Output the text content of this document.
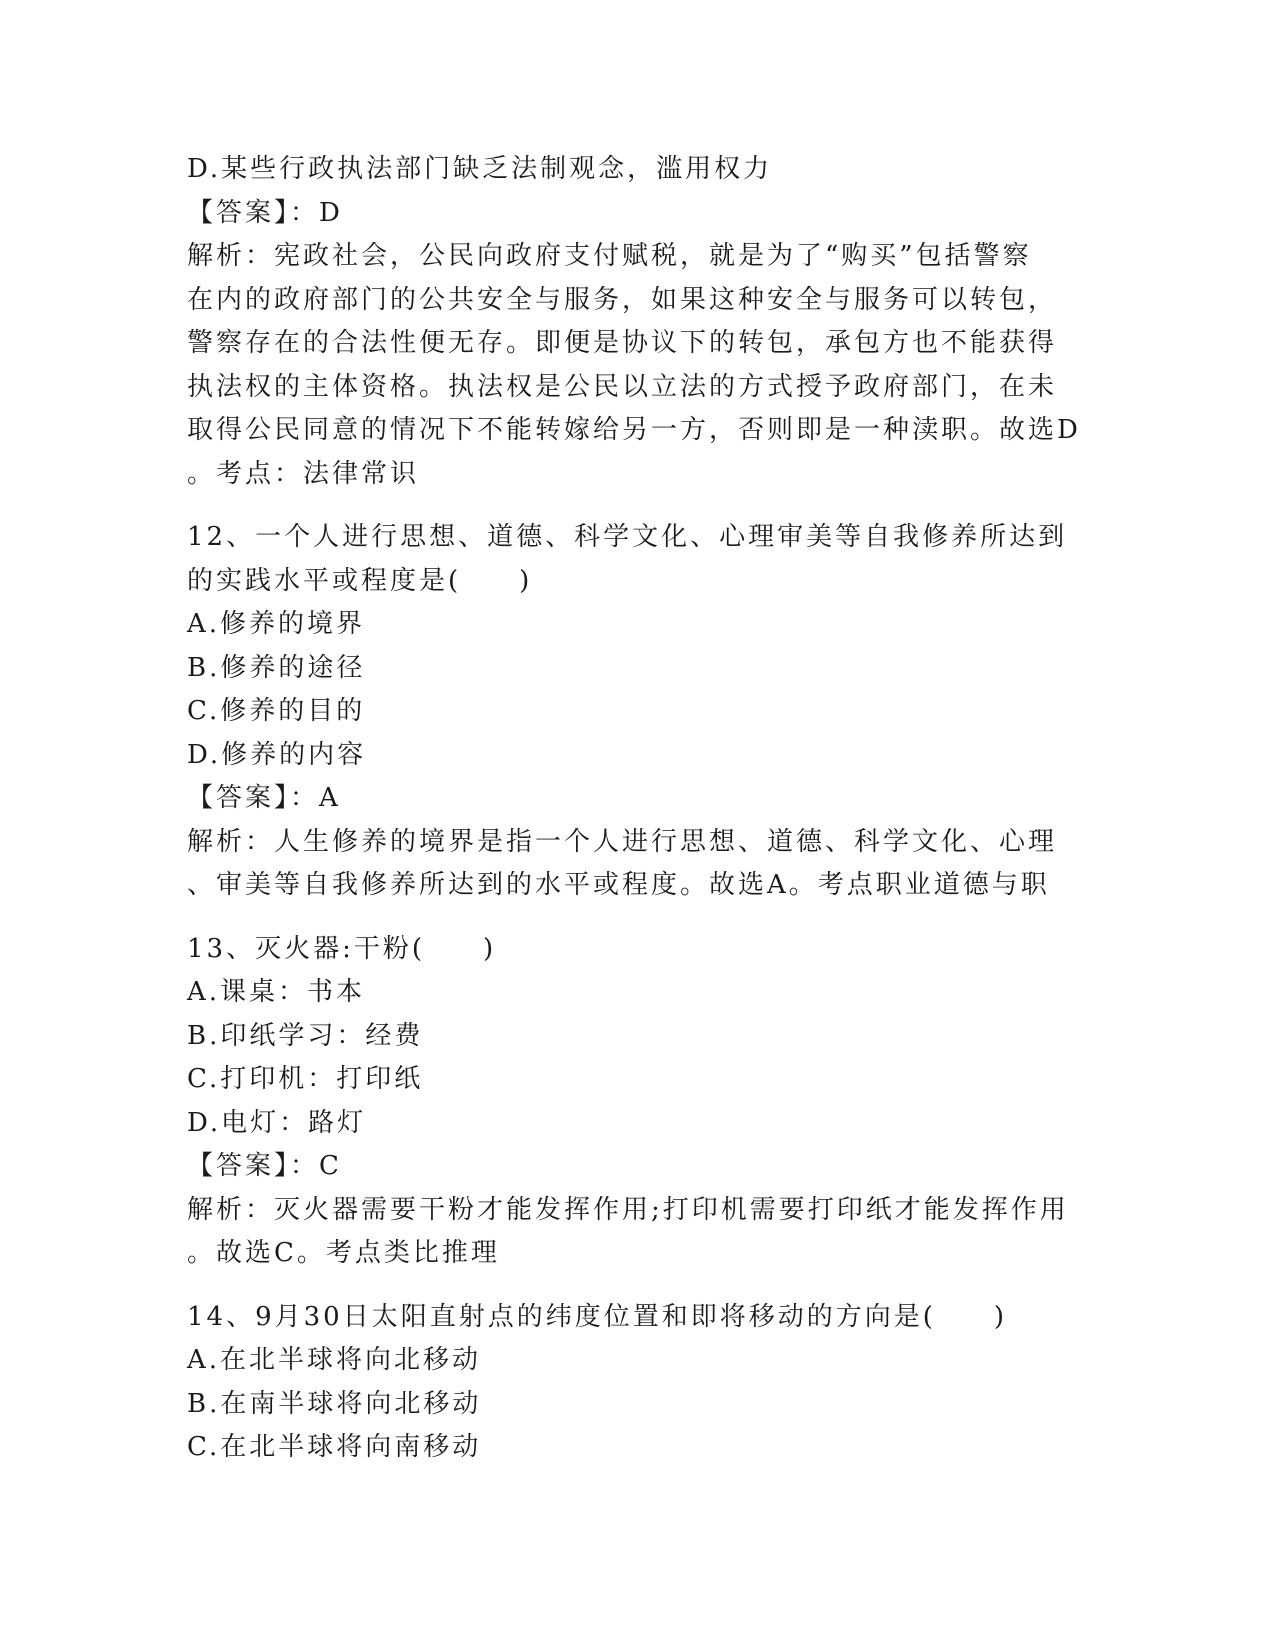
D.某些行政执法部门缺乏法制观念，滥用权力
【答案】：D
解析：宪政社会，公民向政府支付赋税，就是为了“购买”包括警察
在内的政府部门的公共安全与服务，如果这种安全与服务可以转包，
警察存在的合法性便无存。即便是协议下的转包，承包方也不能获得
执法权的主体资格。执法权是公民以立法的方式授予政府部门，在未
取得公民同意的情况下不能转嫁给另一方，否则即是一种渎职。故选D
。考点：法律常识
12、一个人进行思想、道德、科学文化、心理审美等自我修养所达到
的实践水平或程度是(　　)
A.修养的境界
B.修养的途径
C.修养的目的
D.修养的内容
【答案】：A
解析：人生修养的境界是指一个人进行思想、道德、科学文化、心理
、审美等自我修养所达到的水平或程度。故选A。考点职业道德与职
13、灭火器:干粉(　　)
A.课桌：书本
B.印纸学习：经费
C.打印机：打印纸
D.电灯：路灯
【答案】：C
解析：灭火器需要干粉才能发挥作用;打印机需要打印纸才能发挥作用
。故选C。考点类比推理
14、9月30日太阳直射点的纬度位置和即将移动的方向是(　　)
A.在北半球将向北移动
B.在南半球将向北移动
C.在北半球将向南移动
